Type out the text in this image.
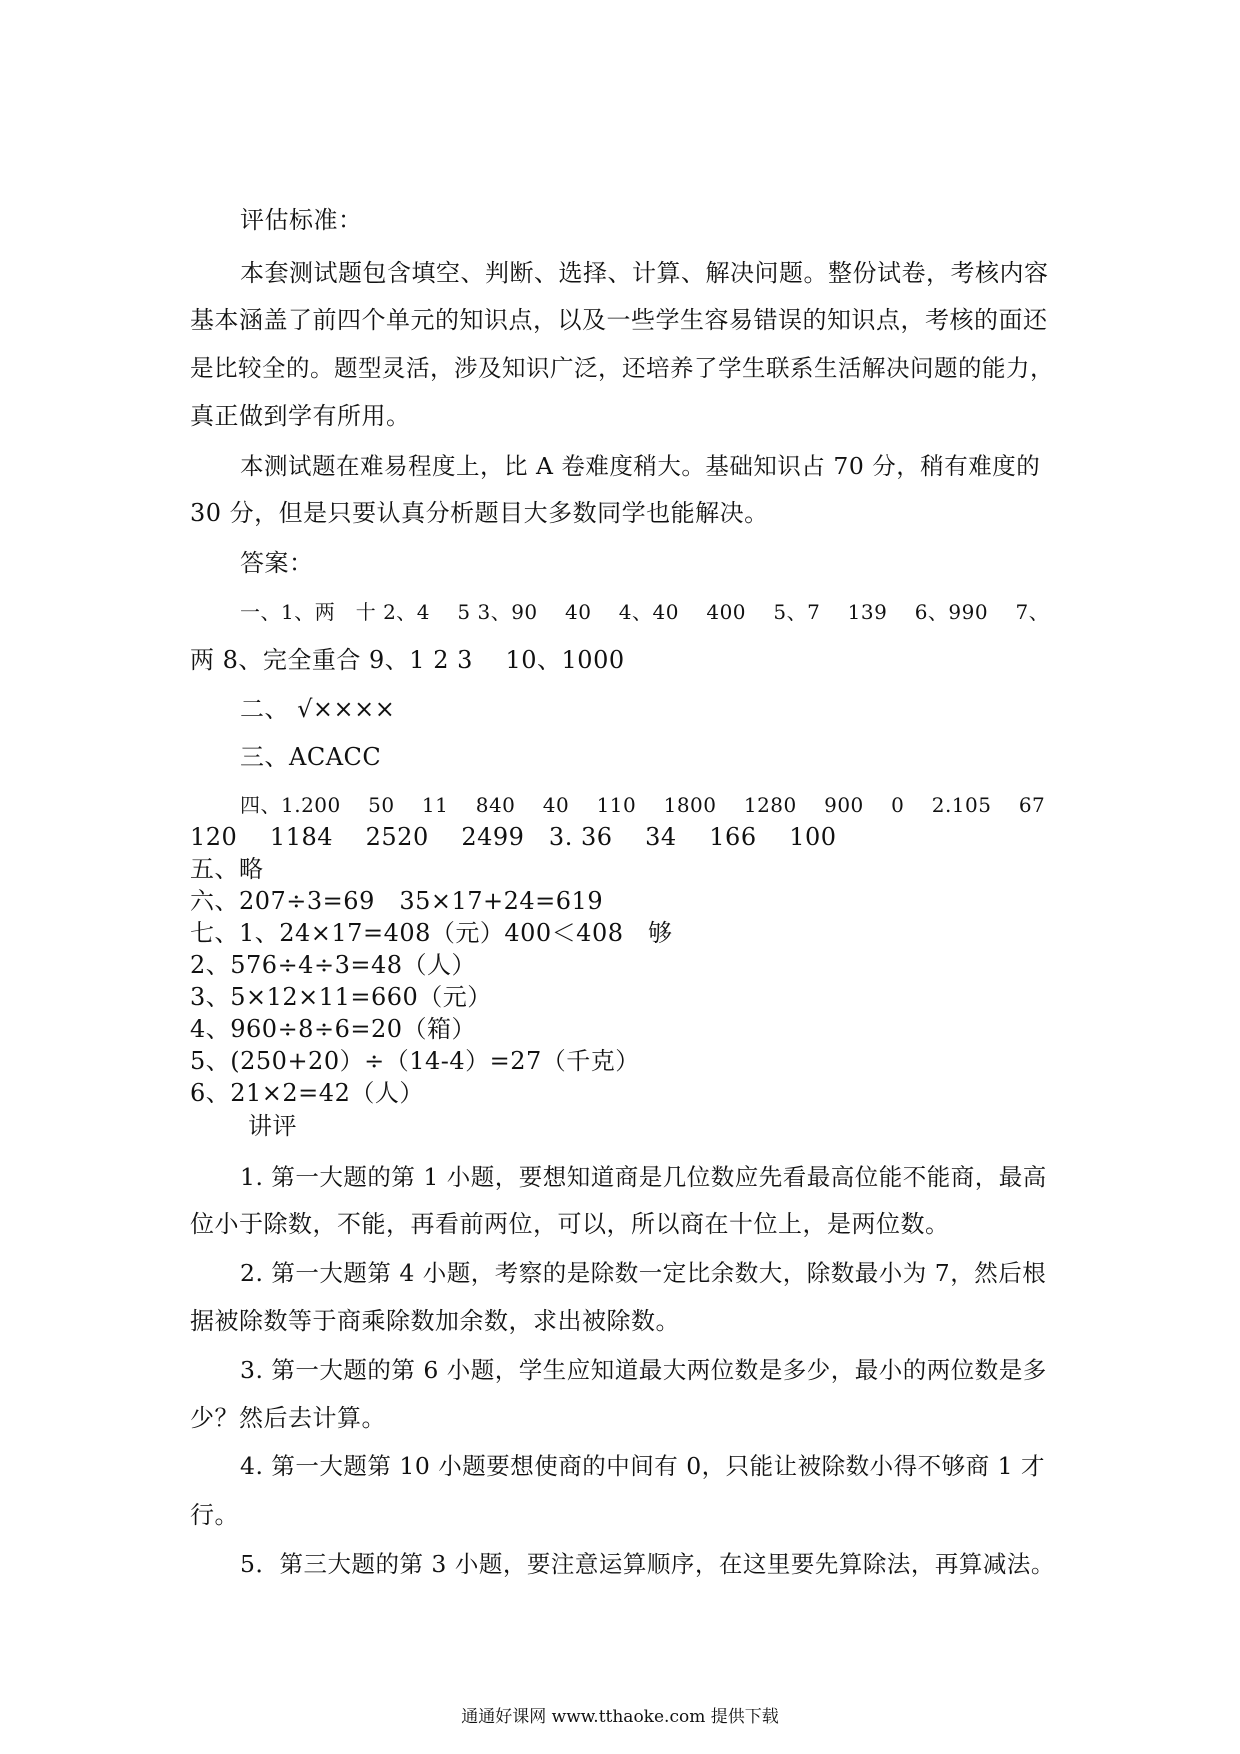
评估标准：
本套测试题包含填空、判断、选择、计算、解决问题。整份试卷，考核内容
基本涵盖了前四个单元的知识点，以及一些学生容易错误的知识点，考核的面还
是比较全的。题型灵活，涉及知识广泛，还培养了学生联系生活解决问题的能力，
真正做到学有所用。
本测试题在难易程度上，比 A 卷难度稍大。基础知识占 70 分，稍有难度的
30 分，但是只要认真分析题目大多数同学也能解决。
答案：
一、1、两　十 2、4　 5 3、90　 40　 4、40　 400　 5、7　 139　 6、990　 7、
两 8、完全重合 9、1 2 3　 10、1000
二、 √××××
三、ACACC
四、1.200　 50　 11　 840　 40　 110　 1800　 1280　 900　 0　 2.105　 67
120　 1184　 2520　 2499　3. 36　 34　 166　 100
五、略
六、207÷3=69　35×17+24=619
七、1、24×17=408（元）400＜408　够
2、576÷4÷3=48（人）
3、5×12×11=660（元）
4、960÷8÷6=20（箱）
5、(250+20）÷（14-4）=27（千克）
6、21×2=42（人）
讲评
1. 第一大题的第 1 小题，要想知道商是几位数应先看最高位能不能商，最高
位小于除数，不能，再看前两位，可以，所以商在十位上，是两位数。
2. 第一大题第 4 小题，考察的是除数一定比余数大，除数最小为 7，然后根
据被除数等于商乘除数加余数，求出被除数。
3. 第一大题的第 6 小题，学生应知道最大两位数是多少，最小的两位数是多
少？然后去计算。
4. 第一大题第 10 小题要想使商的中间有 0，只能让被除数小得不够商 1 才
行。
5．第三大题的第 3 小题，要注意运算顺序，在这里要先算除法，再算减法。
通通好课网 www.tthaoke.com 提供下载
